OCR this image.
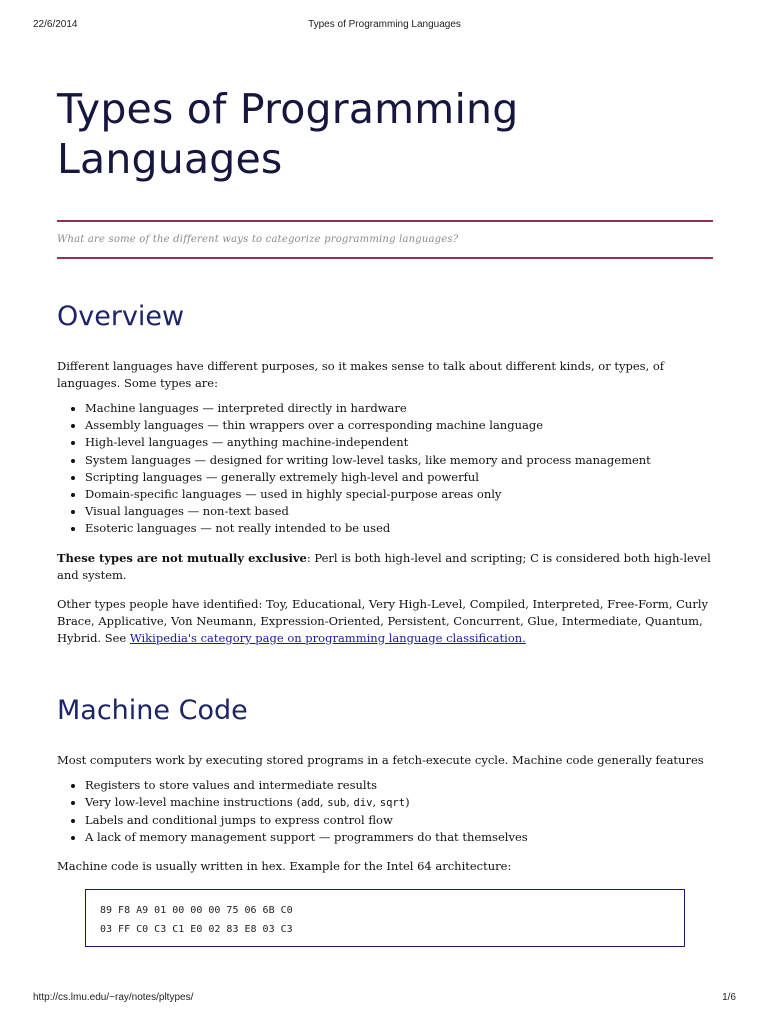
22/6/2014	Types of Programming Languages
Types of Programming
Languages
What are some of the different ways to categorize programming languages?
Overview

Different languages have different purposes, so it makes sense to talk about different kinds, or types, of languages. Some types are:

• Machine languages — interpreted directly in hardware
• Assembly languages — thin wrappers over a corresponding machine language
• High-level languages — anything machine-independent
• System languages — designed for writing low-level tasks, like memory and process management
• Scripting languages — generally extremely high-level and powerful
• Domain-specific languages — used in highly special-purpose areas only
• Visual languages — non-text based
• Esoteric languages — not really intended to be used

These types are not mutually exclusive: Perl is both high-level and scripting; C is considered both high-level and system.

Other types people have identified: Toy, Educational, Very High-Level, Compiled, Interpreted, Free-Form, Curly Brace, Applicative, Von Neumann, Expression-Oriented, Persistent, Concurrent, Glue, Intermediate, Quantum, Hybrid. See Wikipedia's category page on programming language classification.

Machine Code

Most computers work by executing stored programs in a fetch-execute cycle. Machine code generally features

• Registers to store values and intermediate results
• Very low-level machine instructions (add, sub, div, sqrt)
• Labels and conditional jumps to express control flow
• A lack of memory management support — programmers do that themselves

Machine code is usually written in hex. Example for the Intel 64 architecture:

89 F8 A9 01 00 00 00 75 06 6B C0
03 FF C0 C3 C1 E0 02 83 E8 03 C3
http://cs.lmu.edu/~ray/notes/pltypes/	1/6
